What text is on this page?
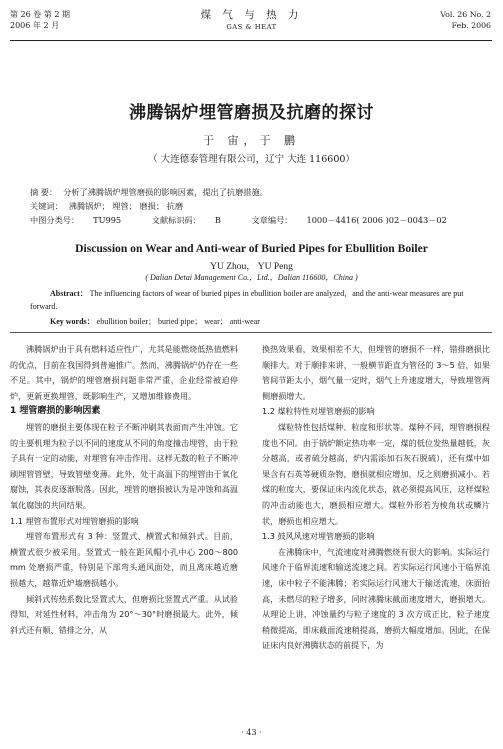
第 26 卷 第 2 期
2006 年 2 月
煤 气 与 热 力
GAS & HEAT
Vol. 26 No. 2
Feb. 2006
沸腾锅炉埋管磨损及抗磨的探讨
于 宙，于 鹏
（ 大连德泰管理有限公司，辽宁 大连 116600）
摘 要： 分析了沸腾锅炉埋管磨损的影响因素，提出了抗磨措施。
关键词： 沸腾锅炉； 埋管； 磨损； 抗磨
中图分类号： TU995	文献标识码： B	文章编号： 1000－4416( 2006 )02－0043－02
Discussion on Wear and Anti-wear of Buried Pipes for Ebullition Boiler
YU Zhou， YU Peng
( Dalian Detai Management Co.，Ltd.，Dalian 116600，China )
Abstract： The influencing factors of wear of buried pipes in ebullition boiler are analyzed，and the anti-wear measures are put forward.
Key words： ebullition boiler； buried pipe； wear； anti-wear

沸腾锅炉由于具有燃料适应性广，尤其是能燃烧低热值燃料的优点，目前在我国得到普遍推广。然而，沸腾锅炉仍存在一些不足。其中，锅炉的埋管磨损问题非常严重，企业经常被迫停炉，更新更换埋管，既影响生产，又增加维修费用。

1 埋管磨损的影响因素

埋管的磨损主要体现在粒子不断冲刷其表面而产生冲蚀。它的主要机理为粒子以不同的速度从不同的角度撞击埋管，由于粒子具有一定的动能，对埋管有冲击作用。这样无数的粒子不断冲刷埋管管壁，导致管壁变薄。此外，处于高温下的埋管由于氧化腐蚀，其表皮逐渐脱落。因此，埋管的磨损被认为是冲蚀和高温氧化腐蚀的共同结果。

1.1 埋管布置形式对埋管磨损的影响

埋管布置形式有 3 种：竖置式、横置式和倾斜式。目前，横置式很少被采用。竖置式一般在距风帽小孔中心 200～800 mm 处磨损严重，特别是下部弯头通风面处，而且离床越近磨损越大，越靠近炉墙磨损越小。

倾斜式传热系数比竖置式大，但磨损比竖置式严重。从试验得知，对延性材料，冲击角为 20°～30°时磨损最大。此外，倾斜式还有顺、错排之分，从

换热效果看，效果相差不大，但埋管的磨损不一样，错排磨损比顺排大。对于顺排来讲，一般横节距直为管径的 3～5 倍，如果管间节距太小，烟气量一定时，烟气上升速度增大，导致埋管两侧磨损增大。

1.2 煤粒特性对埋管磨损的影响

煤粒特性包括煤种、粒度和形状等。煤种不同，埋管磨损程度也不同。由于锅炉额定热功率一定，煤的低位发热量越低，灰分越高，或者硫分越高，炉内需添加石灰石脱硫），还有煤中如果含有石英等硬质杂物，磨损就相应增加，反之则磨损减小。若煤的粒度大，要保证床内流化状态，就必须提高风压，这样煤粒的冲击动能也大，磨损相应增大。煤粒外形若为棱角状或鳞片状，磨损也相应增大。

1.3 鼓风风速对埋管磨损的影响

在沸腾床中，气流速度对沸腾燃烧有很大的影响。实际运行风速介于临界流速和输送流速之间。若实际运行风速小于临界流速，床中粒子不能沸腾；若实际运行风速大于输送流速，床面抬高，未燃尽的粒子增多，同时沸腾床截面速度增大，磨损增大。从理论上讲，冲蚀量约与粒子速度的 3 次方成正比，粒子速度稍微提高，即床截面流速稍提高，磨损大幅度增加。因此，在保证床内良好沸腾状态的前提下，为

· 43 ·
